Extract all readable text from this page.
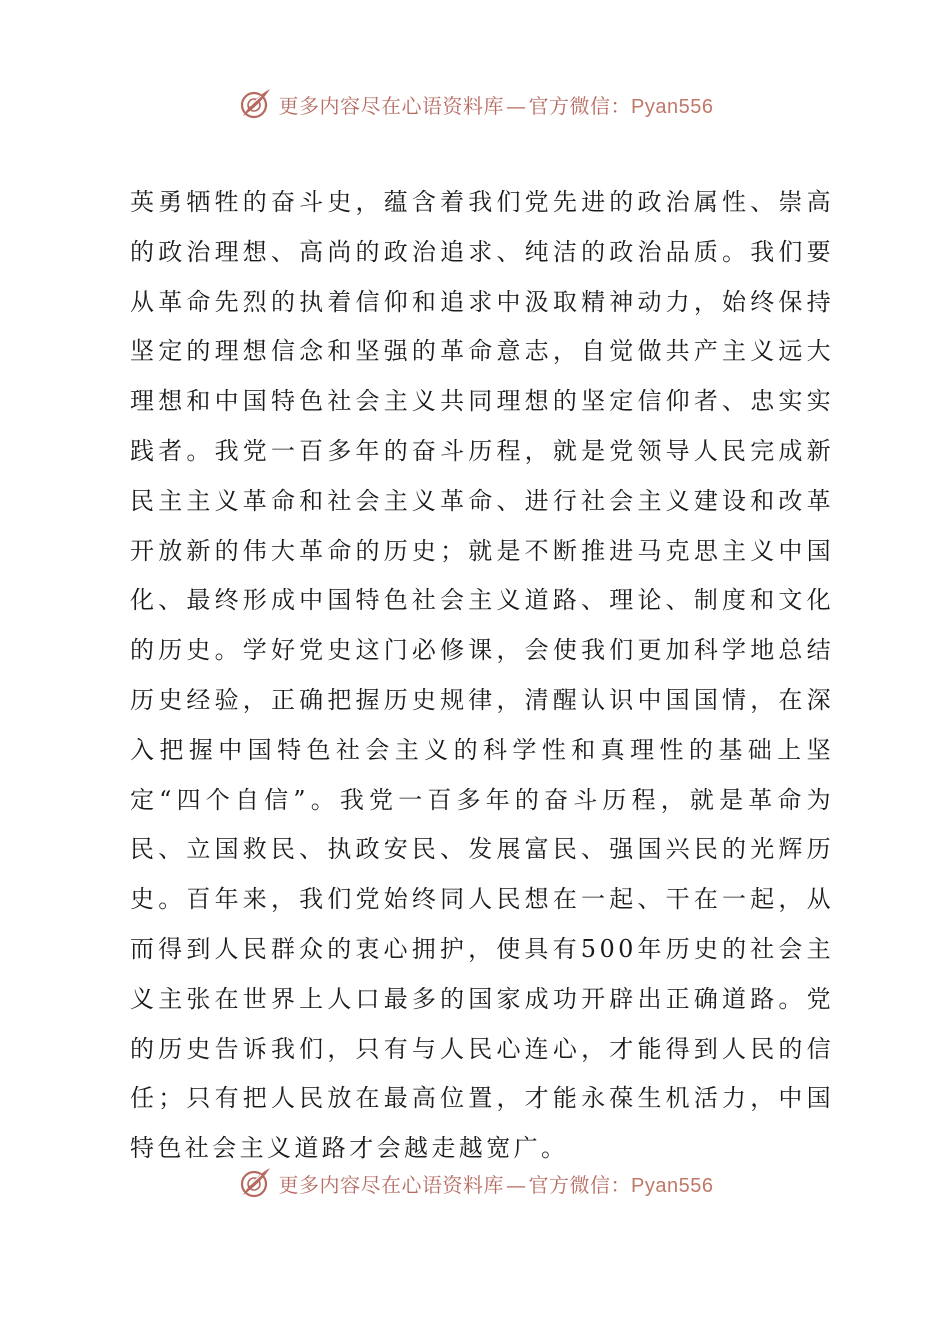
更多内容尽在心语资料库 — 官方微信：Pyan556

英勇牺牲的奋斗史，蕴含着我们党先进的政治属性、崇高的政治理想、高尚的政治追求、纯洁的政治品质。我们要从革命先烈的执着信仰和追求中汲取精神动力，始终保持坚定的理想信念和坚强的革命意志，自觉做共产主义远大理想和中国特色社会主义共同理想的坚定信仰者、忠实实践者。我党一百多年的奋斗历程，就是党领导人民完成新民主主义革命和社会主义革命、进行社会主义建设和改革开放新的伟大革命的历史；就是不断推进马克思主义中国化、最终形成中国特色社会主义道路、理论、制度和文化的历史。学好党史这门必修课，会使我们更加科学地总结历史经验，正确把握历史规律，清醒认识中国国情，在深入把握中国特色社会主义的科学性和真理性的基础上坚定“四个自信”。我党一百多年的奋斗历程，就是革命为民、立国救民、执政安民、发展富民、强国兴民的光辉历史。百年来，我们党始终同人民想在一起、干在一起，从而得到人民群众的衷心拥护，使具有500年历史的社会主义主张在世界上人口最多的国家成功开辟出正确道路。党的历史告诉我们，只有与人民心连心，才能得到人民的信任；只有把人民放在最高位置，才能永葆生机活力，中国特色社会主义道路才会越走越宽广。

更多内容尽在心语资料库 — 官方微信：Pyan556
